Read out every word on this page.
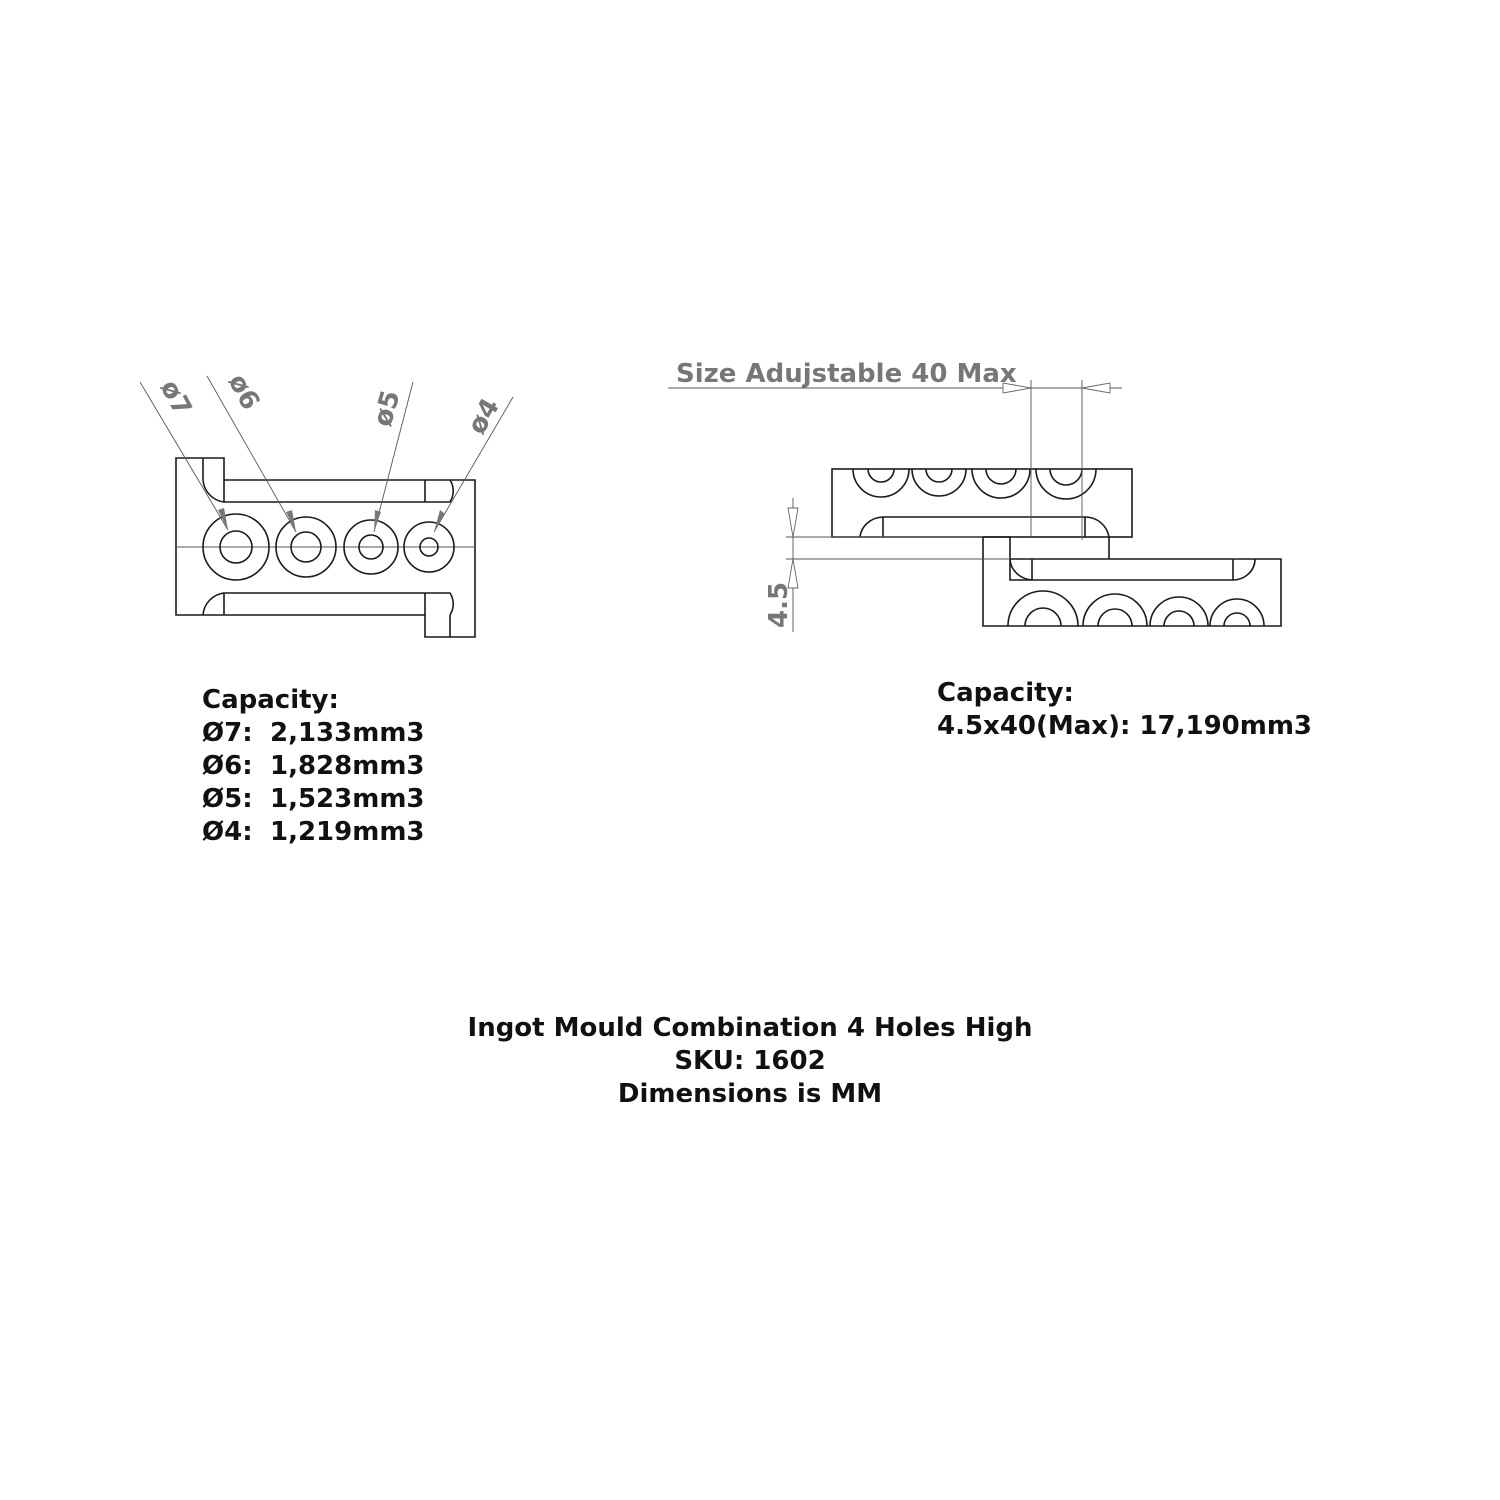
ø7 ø6	ø5 ø4
Size Adujstable 40 Max
4.5
Capacity:
Ø7: 2,133mm3
Ø6: 1,828mm3
Ø5: 1,523mm3
Ø4: 1,219mm3
Capacity:
4.5x40(Max): 17,190mm3
Ingot Mould Combination 4 Holes High
SKU: 1602
Dimensions is MM
